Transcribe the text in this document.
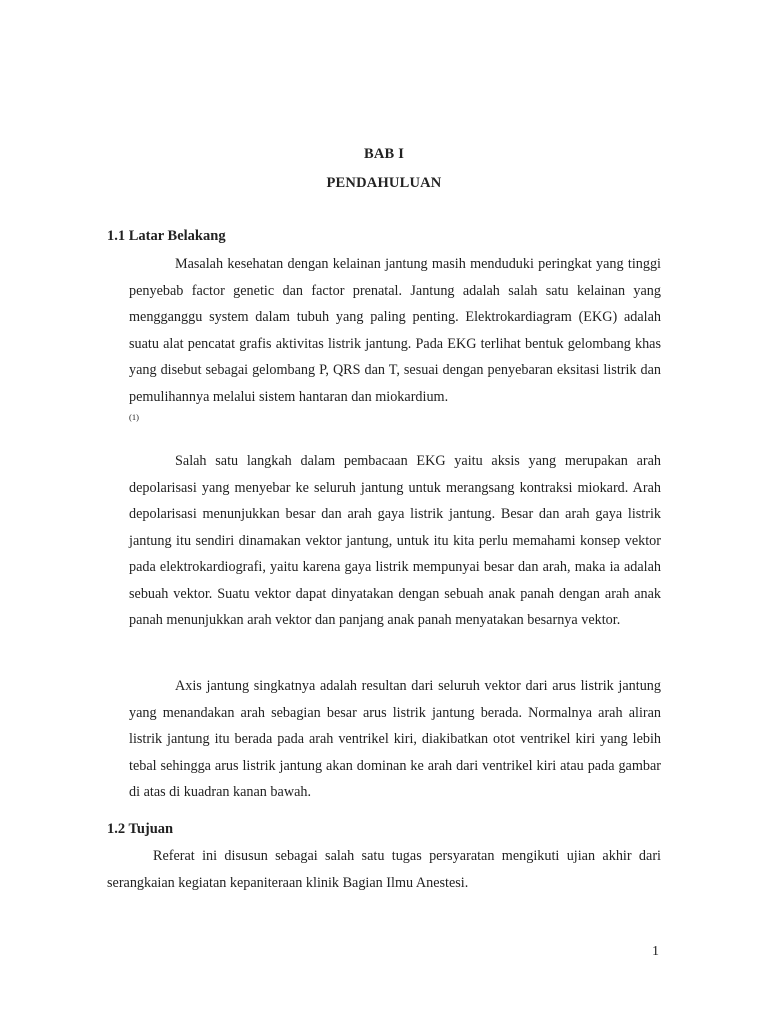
BAB I
PENDAHULUAN
1.1 Latar Belakang

Masalah kesehatan dengan kelainan jantung masih menduduki peringkat yang tinggi penyebab factor genetic dan factor prenatal. Jantung adalah salah satu kelainan yang mengganggu system dalam tubuh yang paling penting. Elektrokardiagram (EKG) adalah suatu alat pencatat grafis aktivitas listrik jantung. Pada EKG terlihat bentuk gelombang khas yang disebut sebagai gelombang P, QRS dan T, sesuai dengan penyebaran eksitasi listrik dan pemulihannya melalui sistem hantaran dan miokardium.
(1)

Salah satu langkah dalam pembacaan EKG yaitu aksis yang merupakan arah depolarisasi yang menyebar ke seluruh jantung untuk merangsang kontraksi miokard. Arah depolarisasi menunjukkan besar dan arah gaya listrik jantung. Besar dan arah gaya listrik jantung itu sendiri dinamakan vektor jantung, untuk itu kita perlu memahami konsep vektor pada elektrokardiografi, yaitu karena gaya listrik mempunyai besar dan arah, maka ia adalah sebuah vektor. Suatu vektor dapat dinyatakan dengan sebuah anak panah dengan arah anak panah menunjukkan arah vektor dan panjang anak panah menyatakan besarnya vektor.

Axis jantung singkatnya adalah resultan dari seluruh vektor dari arus listrik jantung yang menandakan arah sebagian besar arus listrik jantung berada. Normalnya arah aliran listrik jantung itu berada pada arah ventrikel kiri, diakibatkan otot ventrikel kiri yang lebih tebal sehingga arus listrik jantung akan dominan ke arah dari ventrikel kiri atau pada gambar di atas di kuadran kanan bawah.

1.2 Tujuan

Referat ini disusun sebagai salah satu tugas persyaratan mengikuti ujian akhir dari serangkaian kegiatan kepaniteraan klinik Bagian Ilmu Anestesi.

1
